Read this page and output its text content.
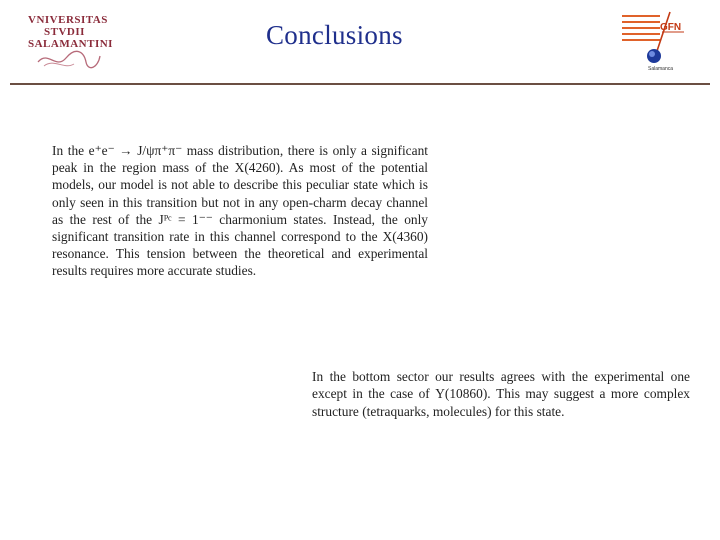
VNIVERSITAS
STVDII
SALAMANTINI	Conclusions	GFN
Salamanca
In the e⁺e⁻ → J/ψπ⁺π⁻ mass distribution, there is only a significant peak in the region mass of the X(4260). As most of the potential models, our model is not able to describe this peculiar state which is only seen in this transition but not in any open-charm decay channel as the rest of the Jᴾᶜ = 1⁻⁻ charmonium states. Instead, the only significant transition rate in this channel correspond to the X(4360) resonance. This tension between the theoretical and experimental results requires more accurate studies.
In the bottom sector our results agrees with the experimental one except in the case of Υ(10860). This may suggest a more complex structure (tetraquarks, molecules) for this state.
